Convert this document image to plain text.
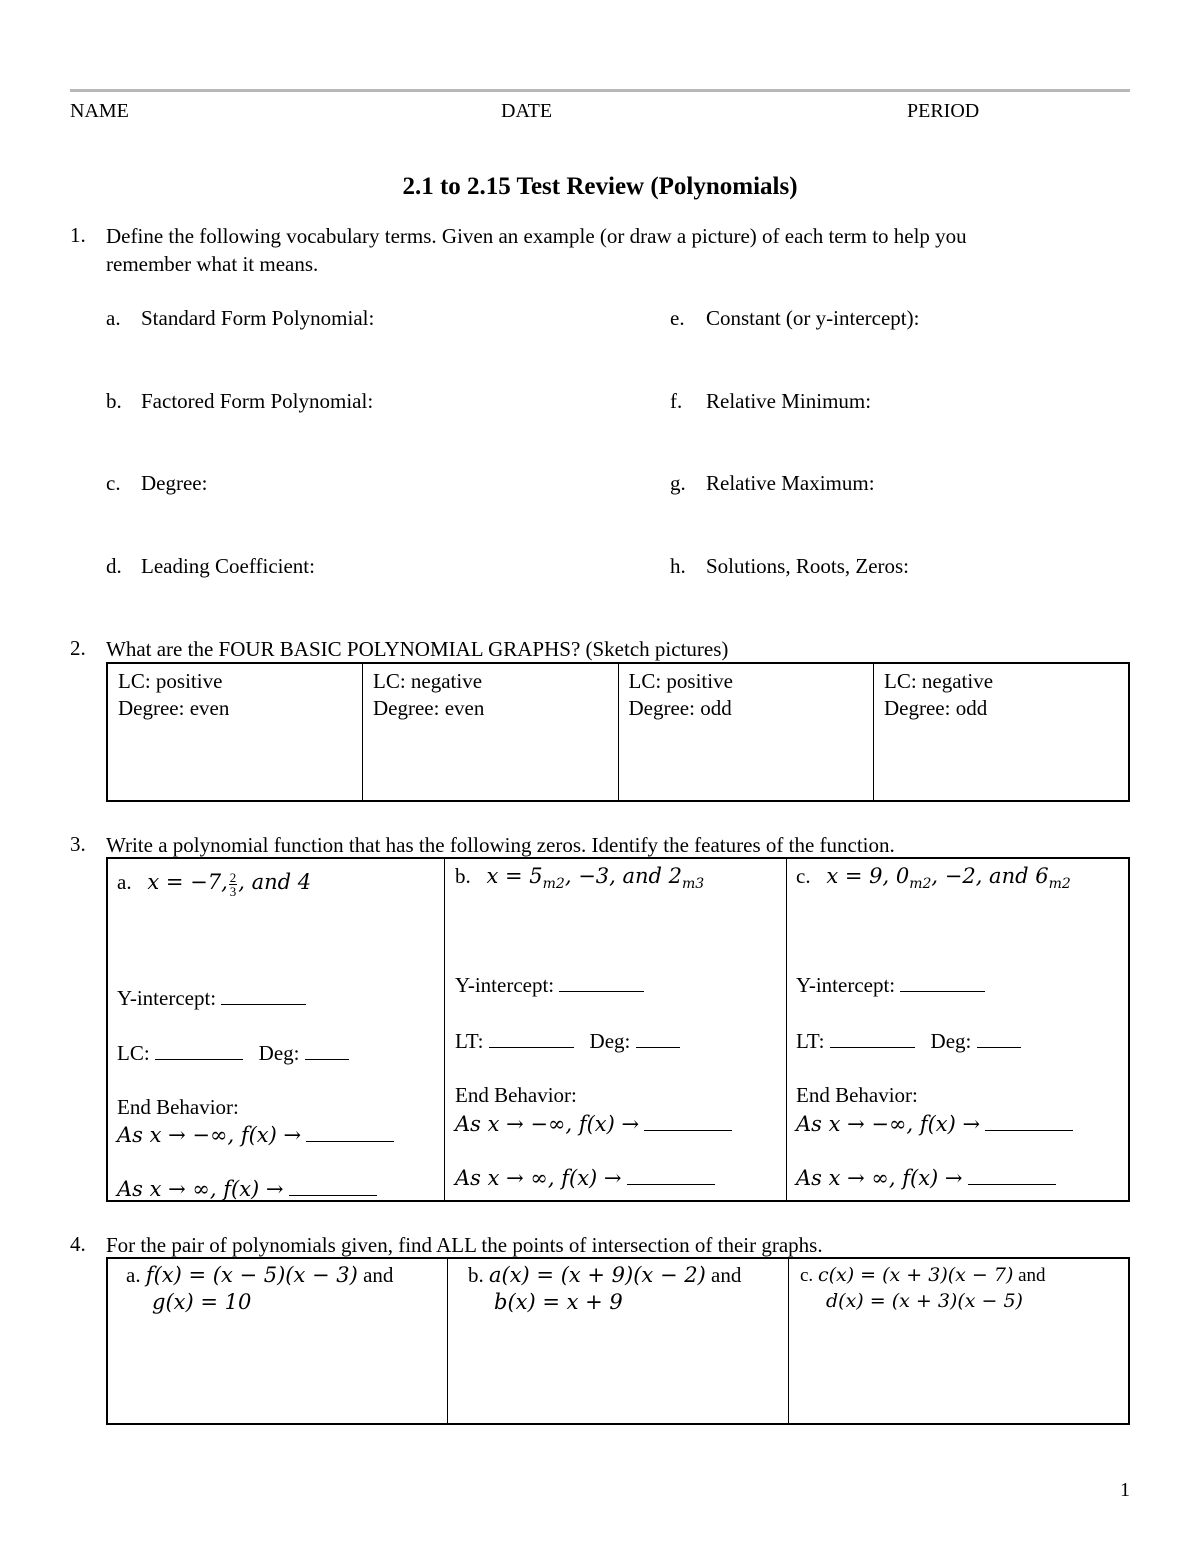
NAME	DATE	PERIOD
2.1 to 2.15 Test Review (Polynomials)
1. Define the following vocabulary terms. Given an example (or draw a picture) of each term to help you
remember what it means.
a. Standard Form Polynomial:
b. Factored Form Polynomial:
c. Degree:
d. Leading Coefficient:
e. Constant (or y-intercept):
f. Relative Minimum:
g. Relative Maximum:
h. Solutions, Roots, Zeros:
2. What are the FOUR BASIC POLYNOMIAL GRAPHS? (Sketch pictures)
LC: positive
Degree: even

LC: negative
Degree: even

LC: positive
Degree: odd

LC: negative
Degree: odd
3. Write a polynomial function that has the following zeros. Identify the features of the function.
a. x = −7, $\frac{2}{3}$ , and 4
Y-intercept:
LC:	Deg:
End Behavior:
As x → −∞, f(x) →
As x → ∞, f(x) →
b. $x = 5_{m2}$, −3, and $2_{m3}$
Y-intercept:
LT:	Deg:
End Behavior:
As x → −∞, f(x) →
As x → ∞, f(x) →
c. x = 9, $0_{m2}$, −2, and $6_{m2}$
Y-intercept:
LT:	Deg:
End Behavior:
As x → −∞, f(x) →
As x → ∞, f(x) →
4. For the pair of polynomials given, find ALL the points of intersection of their graphs.
a. f(x) = (x − 5)(x − 3) and
g(x) = 10
b. a(x) = (x + 9)(x − 2) and
b(x) = x + 9
c. c(x) = (x + 3)(x − 7) and
d(x) = (x + 3)(x − 5)
1
